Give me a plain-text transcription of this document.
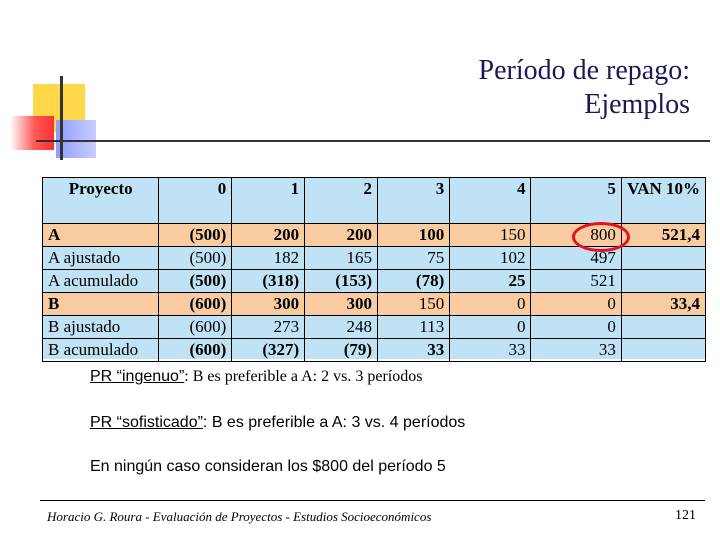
Período de repago:
Ejemplos
Proyecto	0	1	2	3	4	5	VAN 10%
A	(500)	200	200	100	150	800	521,4
A ajustado	(500)	182	165	75	102	497	
A acumulado	(500)	(318)	(153)	(78)	25	521	
B	(600)	300	300	150	0	0	33,4
B ajustado	(600)	273	248	113	0	0	
B acumulado	(600)	(327)	(79)	33	33	33	
PR “ingenuo”: B es preferible a A: 2 vs. 3 períodos
PR “sofisticado”: B es preferible a A: 3 vs. 4 períodos
En ningún caso consideran los $800 del período 5
Horacio G. Roura - Evaluación de Proyectos - Estudios Socioeconómicos	121
